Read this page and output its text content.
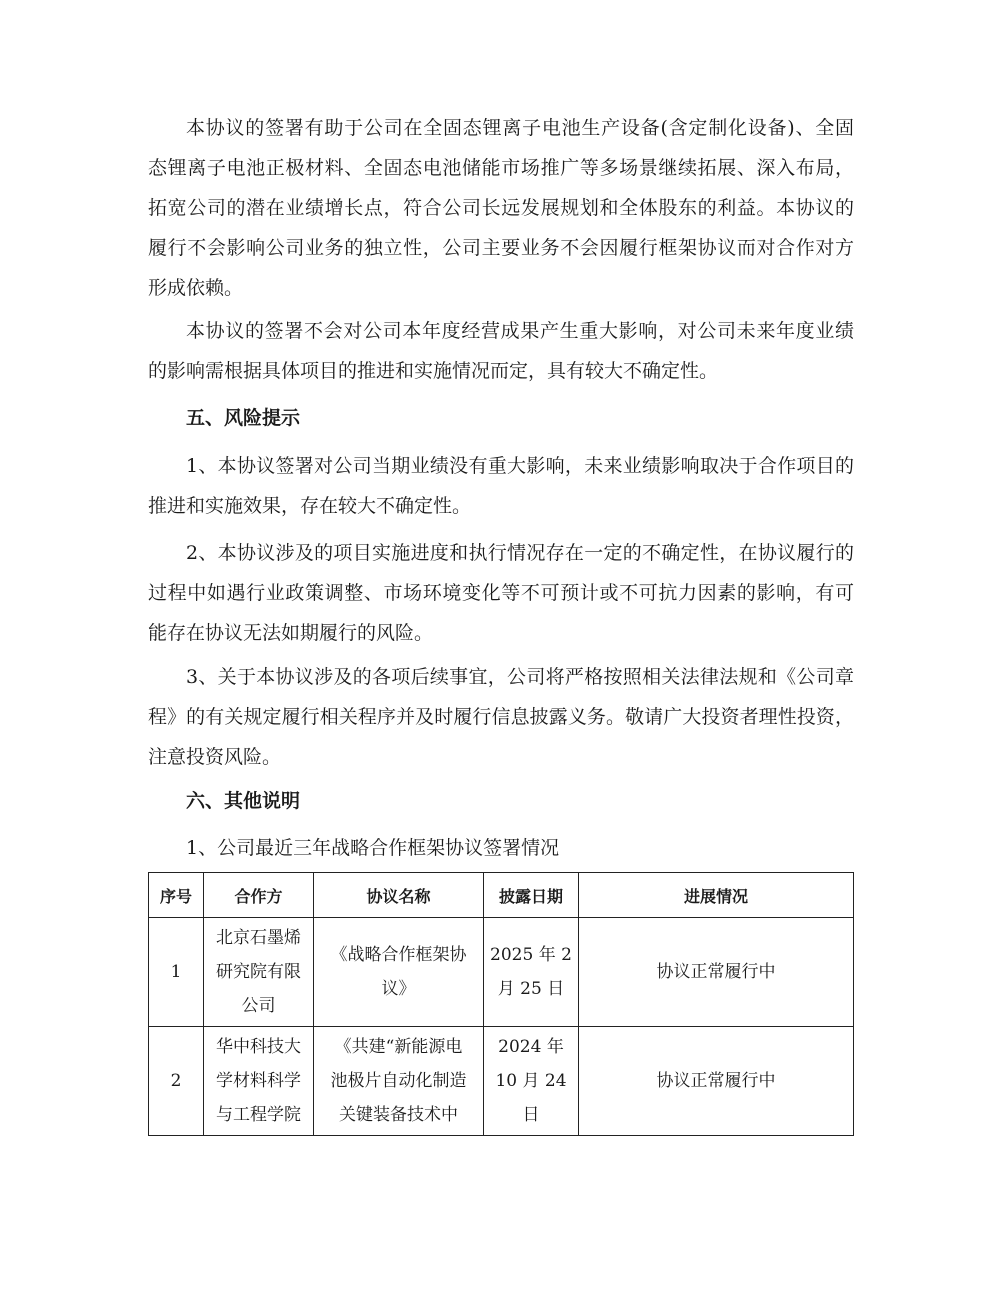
本协议的签署有助于公司在全固态锂离子电池生产设备(含定制化设备)、全固
态锂离子电池正极材料、全固态电池储能市场推广等多场景继续拓展、深入布局，
拓宽公司的潜在业绩增长点，符合公司长远发展规划和全体股东的利益。本协议的
履行不会影响公司业务的独立性，公司主要业务不会因履行框架协议而对合作对方
形成依赖。
本协议的签署不会对公司本年度经营成果产生重大影响，对公司未来年度业绩
的影响需根据具体项目的推进和实施情况而定，具有较大不确定性。
五、风险提示
1、本协议签署对公司当期业绩没有重大影响，未来业绩影响取决于合作项目的
推进和实施效果，存在较大不确定性。
2、本协议涉及的项目实施进度和执行情况存在一定的不确定性，在协议履行的
过程中如遇行业政策调整、市场环境变化等不可预计或不可抗力因素的影响，有可
能存在协议无法如期履行的风险。
3、关于本协议涉及的各项后续事宜，公司将严格按照相关法律法规和《公司章
程》的有关规定履行相关程序并及时履行信息披露义务。敬请广大投资者理性投资，
注意投资风险。
六、其他说明
1、公司最近三年战略合作框架协议签署情况
序号	合作方	协议名称	披露日期	进展情况
1	北京石墨烯
研究院有限
公司	《战略合作框架协
议》	2025 年 2
月 25 日	协议正常履行中
2	华中科技大
学材料科学
与工程学院	《共建“新能源电
池极片自动化制造
关键装备技术中	2024 年
10 月 24
日	协议正常履行中
